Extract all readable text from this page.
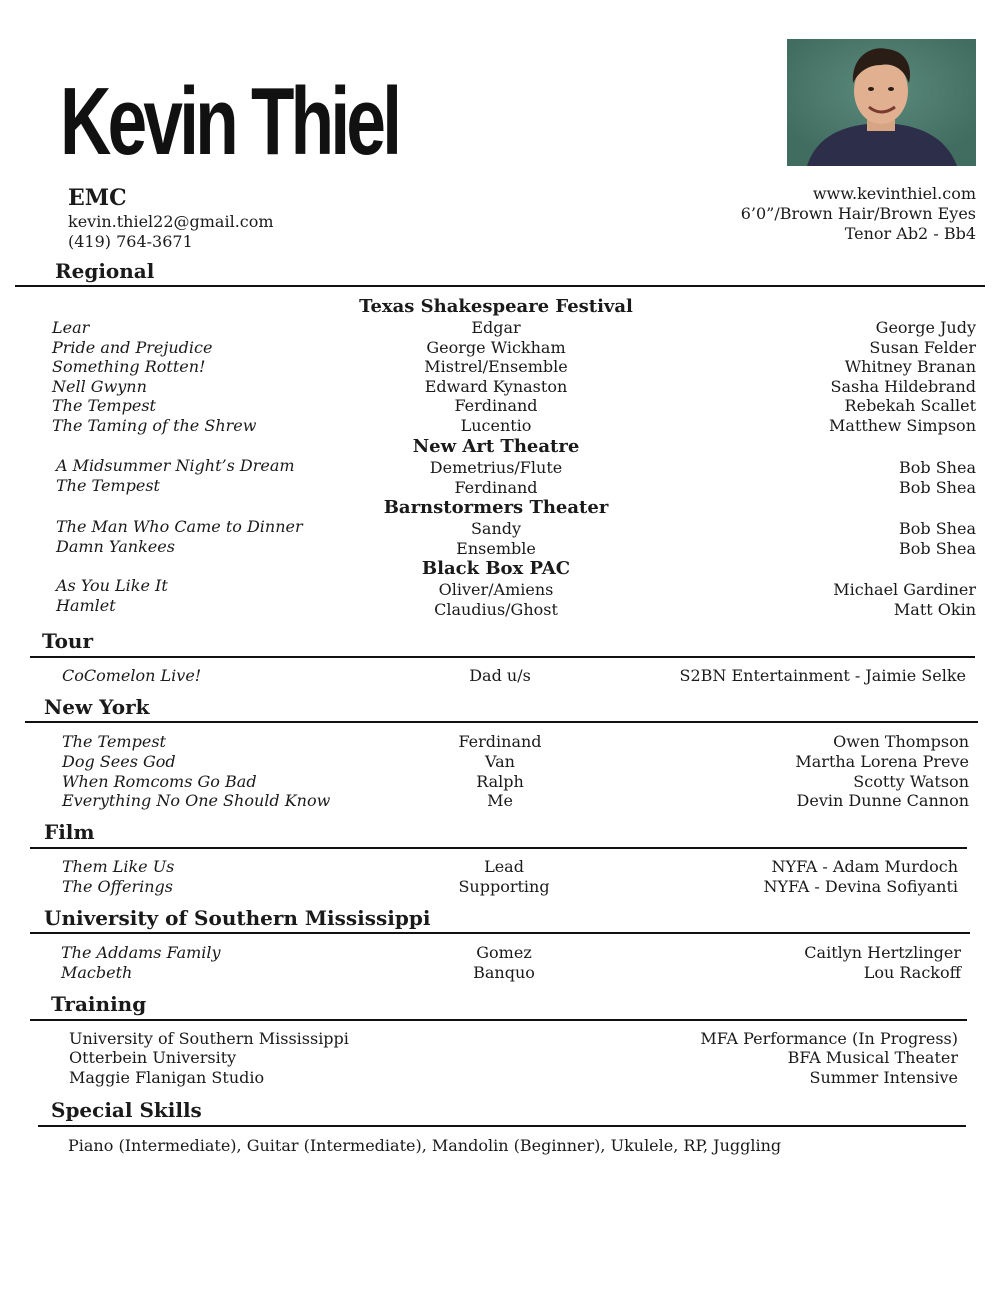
Kevin Thiel
EMC
kevin.thiel22@gmail.com
(419) 764-3671
www.kevinthiel.com
6’0”/Brown Hair/Brown Eyes
Tenor Ab2 - Bb4
Regional
Texas Shakespeare Festival
Lear	Edgar	George Judy
Pride and Prejudice	George Wickham	Susan Felder
Something Rotten!	Mistrel/Ensemble	Whitney Branan
Nell Gwynn	Edward Kynaston	Sasha Hildebrand
The Tempest	Ferdinand	Rebekah Scallet
The Taming of the Shrew	Lucentio	Matthew Simpson
New Art Theatre
A Midsummer Night’s Dream	Demetrius/Flute	Bob Shea
The Tempest	Ferdinand	Bob Shea
Barnstormers Theater
The Man Who Came to Dinner	Sandy	Bob Shea
Damn Yankees	Ensemble	Bob Shea
Black Box PAC
As You Like It	Oliver/Amiens	Michael Gardiner
Hamlet	Claudius/Ghost	Matt Okin
Tour
CoComelon Live!	Dad u/s	S2BN Entertainment - Jaimie Selke
New York
The Tempest	Ferdinand	Owen Thompson
Dog Sees God	Van	Martha Lorena Preve
When Romcoms Go Bad	Ralph	Scotty Watson
Everything No One Should Know	Me	Devin Dunne Cannon
Film
Them Like Us	Lead	NYFA - Adam Murdoch
The Offerings	Supporting	NYFA - Devina Sofiyanti
University of Southern Mississippi
The Addams Family	Gomez	Caitlyn Hertzlinger
Macbeth	Banquo	Lou Rackoff
Training
University of Southern Mississippi	MFA Performance (In Progress)
Otterbein University	BFA Musical Theater
Maggie Flanigan Studio	Summer Intensive
Special Skills
Piano (Intermediate), Guitar (Intermediate), Mandolin (Beginner), Ukulele, RP, Juggling
